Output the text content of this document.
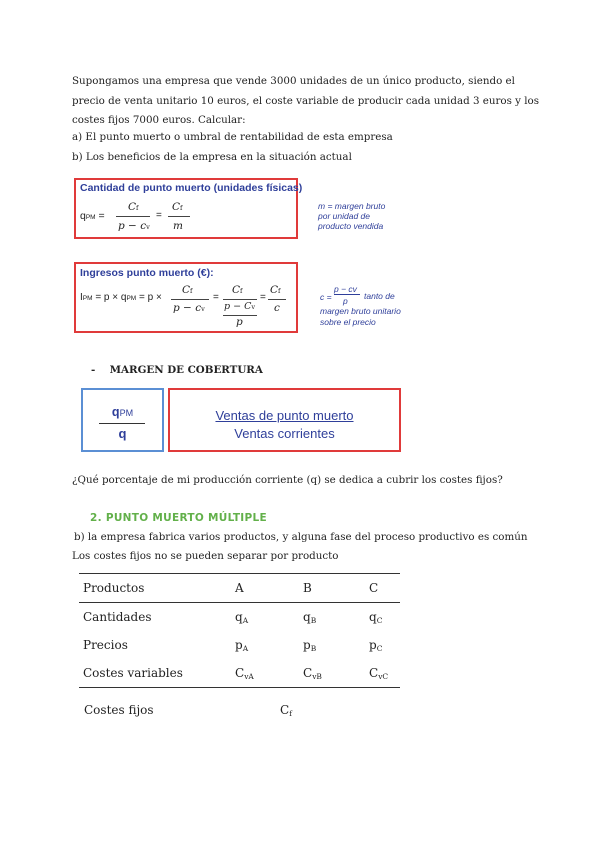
Supongamos una empresa que vende 3000 unidades de un único producto, siendo el precio de venta unitario 10 euros, el coste variable de producir cada unidad 3 euros y los costes fijos 7000 euros. Calcular:
a) El punto muerto o umbral de rentabilidad de esta empresa
b) Los beneficios de la empresa en la situación actual
Cantidad de punto muerto (unidades físicas)
qPM =
Cf
p − cv
=
Cf
m
m = margen bruto por unidad de producto vendida
Ingresos punto muerto (€):
IPM = p × qPM = p ×
Cf
p − cv
=
Cf
p − Cv
p
=
Cf
c
c =
p − cv
p tanto de
margen bruto unitario
sobre el precio
- MARGEN DE COBERTURA
qPM
q
Ventas de punto muerto
Ventas corrientes
¿Qué porcentaje de mi producción corriente (q) se dedica a cubrir los costes fijos?
2. PUNTO MUERTO MÚLTIPLE
b) la empresa fabrica varios productos, y alguna fase del proceso productivo es común
Los costes fijos no se pueden separar por producto
Productos	A	B	C
Cantidades	qA	qB	qC
Precios	pA	pB	pC
Costes variables	CvA	CvB	CvC
Costes fijos	Cf
